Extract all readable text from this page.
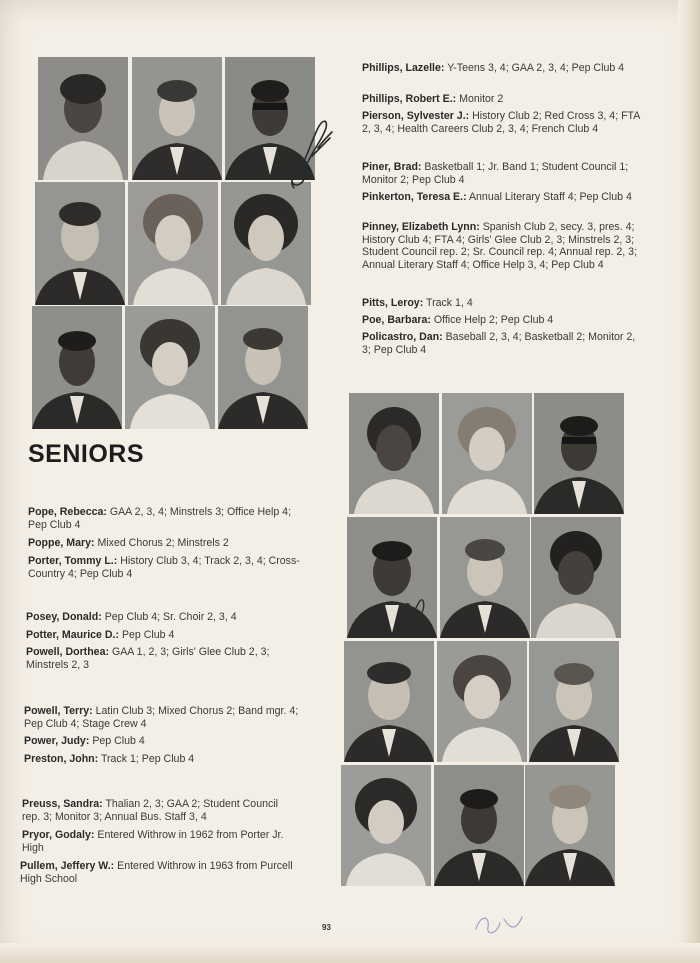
Phillips, Lazelle: Y-Teens 3, 4; GAA 2, 3, 4; Pep Club 4
Phillips, Robert E.: Monitor 2
Pierson, Sylvester J.: History Club 2; Red Cross 3, 4; FTA 2, 3, 4; Health Careers Club 2, 3, 4; French Club 4
Piner, Brad: Basketball 1; Jr. Band 1; Student Council 1; Monitor 2; Pep Club 4
Pinkerton, Teresa E.: Annual Literary Staff 4; Pep Club 4
Pinney, Elizabeth Lynn: Spanish Club 2, secy. 3, pres. 4; History Club 4; FTA 4; Girls' Glee Club 2, 3; Minstrels 2, 3; Student Council rep. 2; Sr. Council rep. 4; Annual rep. 2, 3; Annual Literary Staff 4; Office Help 3, 4; Pep Club 4
Pitts, Leroy: Track 1, 4
Poe, Barbara: Office Help 2; Pep Club 4
Policastro, Dan: Baseball 2, 3, 4; Basketball 2; Monitor 2, 3; Pep Club 4
SENIORS
Pope, Rebecca: GAA 2, 3, 4; Minstrels 3; Office Help 4; Pep Club 4
Poppe, Mary: Mixed Chorus 2; Minstrels 2
Porter, Tommy L.: History Club 3, 4; Track 2, 3, 4; Cross-Country 4; Pep Club 4
Posey, Donald: Pep Club 4; Sr. Choir 2, 3, 4
Potter, Maurice D.: Pep Club 4
Powell, Dorthea: GAA 1, 2, 3; Girls' Glee Club 2, 3; Minstrels 2, 3
Powell, Terry: Latin Club 3; Mixed Chorus 2; Band mgr. 4; Pep Club 4; Stage Crew 4
Power, Judy: Pep Club 4
Preston, John: Track 1; Pep Club 4
Preuss, Sandra: Thalian 2, 3; GAA 2; Student Council rep. 3; Monitor 3; Annual Bus. Staff 3, 4
Pryor, Godaly: Entered Withrow in 1962 from Porter Jr. High
Pullem, Jeffery W.: Entered Withrow in 1963 from Purcell High School
93
